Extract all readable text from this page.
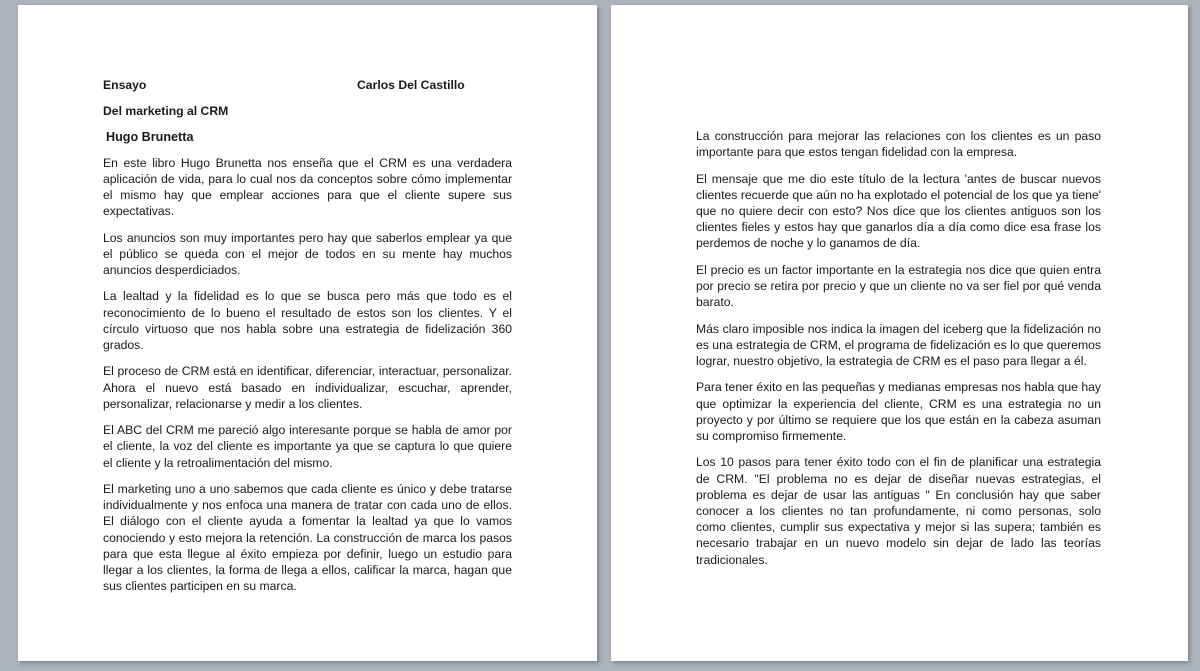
Ensayo	Carlos Del Castillo
Del marketing al CRM
Hugo Brunetta

En este libro Hugo Brunetta nos enseña que el CRM es una verdadera aplicación de vida, para lo cual nos da conceptos sobre cómo implementar el mismo hay que emplear acciones para que el cliente supere sus expectativas.

Los anuncios son muy importantes pero hay que saberlos emplear ya que el público se queda con el mejor de todos en su mente hay muchos anuncios desperdiciados.

La lealtad y la fidelidad es lo que se busca pero más que todo es el reconocimiento de lo bueno el resultado de estos son los clientes. Y el círculo virtuoso que nos habla sobre una estrategia de fidelización 360 grados.

El proceso de CRM está en identificar, diferenciar, interactuar, personalizar. Ahora el nuevo está basado en individualizar, escuchar, aprender, personalizar, relacionarse y medir a los clientes.

El ABC del CRM me pareció algo interesante porque se habla de amor por el cliente, la voz del cliente es importante ya que se captura lo que quiere el cliente y la retroalimentación del mismo.

El marketing uno a uno sabemos que cada cliente es único y debe tratarse individualmente y nos enfoca una manera de tratar con cada uno de ellos. El diálogo con el cliente ayuda a fomentar la lealtad ya que lo vamos conociendo y esto mejora la retención. La construcción de marca los pasos para que esta llegue al éxito empieza por definir, luego un estudio para llegar a los clientes, la forma de llega a ellos, calificar la marca, hagan que sus clientes participen en su marca.

La construcción para mejorar las relaciones con los clientes es un paso importante para que estos tengan fidelidad con la empresa.

El mensaje que me dio este título de la lectura 'antes de buscar nuevos clientes recuerde que aún no ha explotado el potencial de los que ya tiene' que no quiere decir con esto? Nos dice que los clientes antiguos son los clientes fieles y estos hay que ganarlos día a día como dice esa frase los perdemos de noche y lo ganamos de día.

El precio es un factor importante en la estrategia nos dice que quien entra por precio se retira por precio y que un cliente no va ser fiel por qué venda barato.

Más claro imposible nos indica la imagen del iceberg que la fidelización no es una estrategia de CRM, el programa de fidelización es lo que queremos lograr, nuestro objetivo, la estrategia de CRM es el paso para llegar a él.

Para tener éxito en las pequeñas y medianas empresas nos habla que hay que optimizar la experiencia del cliente, CRM es una estrategia no un proyecto y por último se requiere que los que están en la cabeza asuman su compromiso firmemente.

Los 10 pasos para tener éxito todo con el fin de planificar una estrategia de CRM. "El problema no es dejar de diseñar nuevas estrategias, el problema es dejar de usar las antiguas " En conclusión hay que saber conocer a los clientes no tan profundamente, ni como personas, solo como clientes, cumplir sus expectativa y mejor si las supera; también es necesario trabajar en un nuevo modelo sin dejar de lado las teorías tradicionales.
